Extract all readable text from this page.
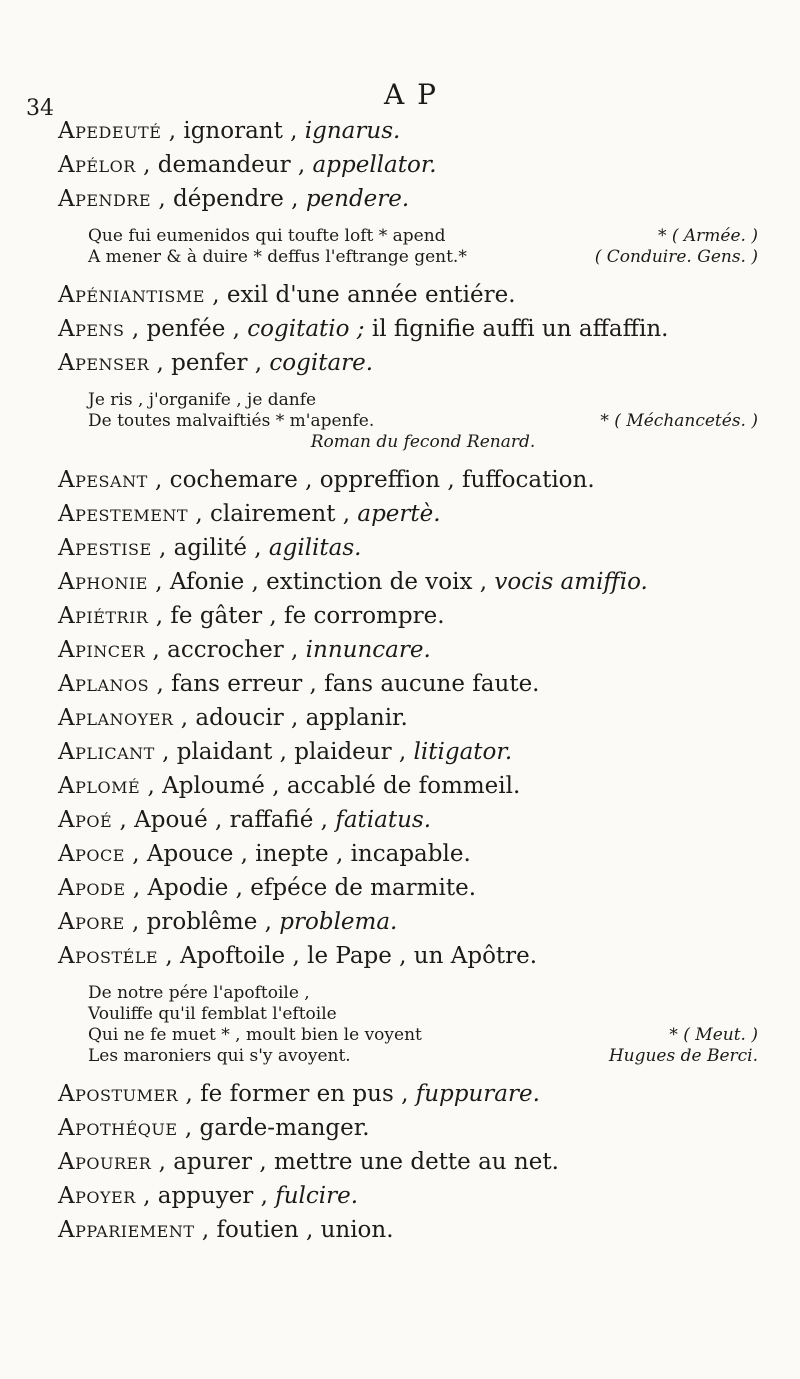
34	A P
Apedeuté , ignorant , ignarus.
Apélor , demandeur , appellator.
Apendre , dépendre , pendere.
Que fui eumenidos qui toufte loft * apend	* ( Armée. )
A mener & à duire * deffus l'eftrange gent.*	( Conduire. Gens. )
Apéniantisme , exil d'une année entiére.
Apens , penfée , cogitatio ; il fignifie auffi un affaffin.
Apenser , penfer , cogitare.
Je ris , j'organife , je danfe
De toutes malvaiftiés * m'apenfe.	* ( Méchancetés. )
Roman du fecond Renard.
Apesant , cochemare , oppreffion , fuffocation.
Apestement , clairement , apertè.
Apestise , agilité , agilitas.
Aphonie , Afonie , extinction de voix , vocis amiffio.
Apiétrir , fe gâter , fe corrompre.
Apincer , accrocher , innuncare.
Aplanos , fans erreur , fans aucune faute.
Aplanoyer , adoucir , applanir.
Aplicant , plaidant , plaideur , litigator.
Aplomé , Aploumé , accablé de fommeil.
Apoé , Apoué , raffafié , fatiatus.
Apoce , Apouce , inepte , incapable.
Apode , Apodie , efpéce de marmite.
Apore , problême , problema.
Apostéle , Apoftoile , le Pape , un Apôtre.
De notre pére l'apoftoile ,
Vouliffe qu'il femblat l'eftoile
Qui ne fe muet * , moult bien le voyent	* ( Meut. )
Les maroniers qui s'y avoyent.	Hugues de Berci.
Apostumer , fe former en pus , fuppurare.
Apothéque , garde-manger.
Apourer , apurer , mettre une dette au net.
Apoyer , appuyer , fulcire.
Appariement , foutien , union.
